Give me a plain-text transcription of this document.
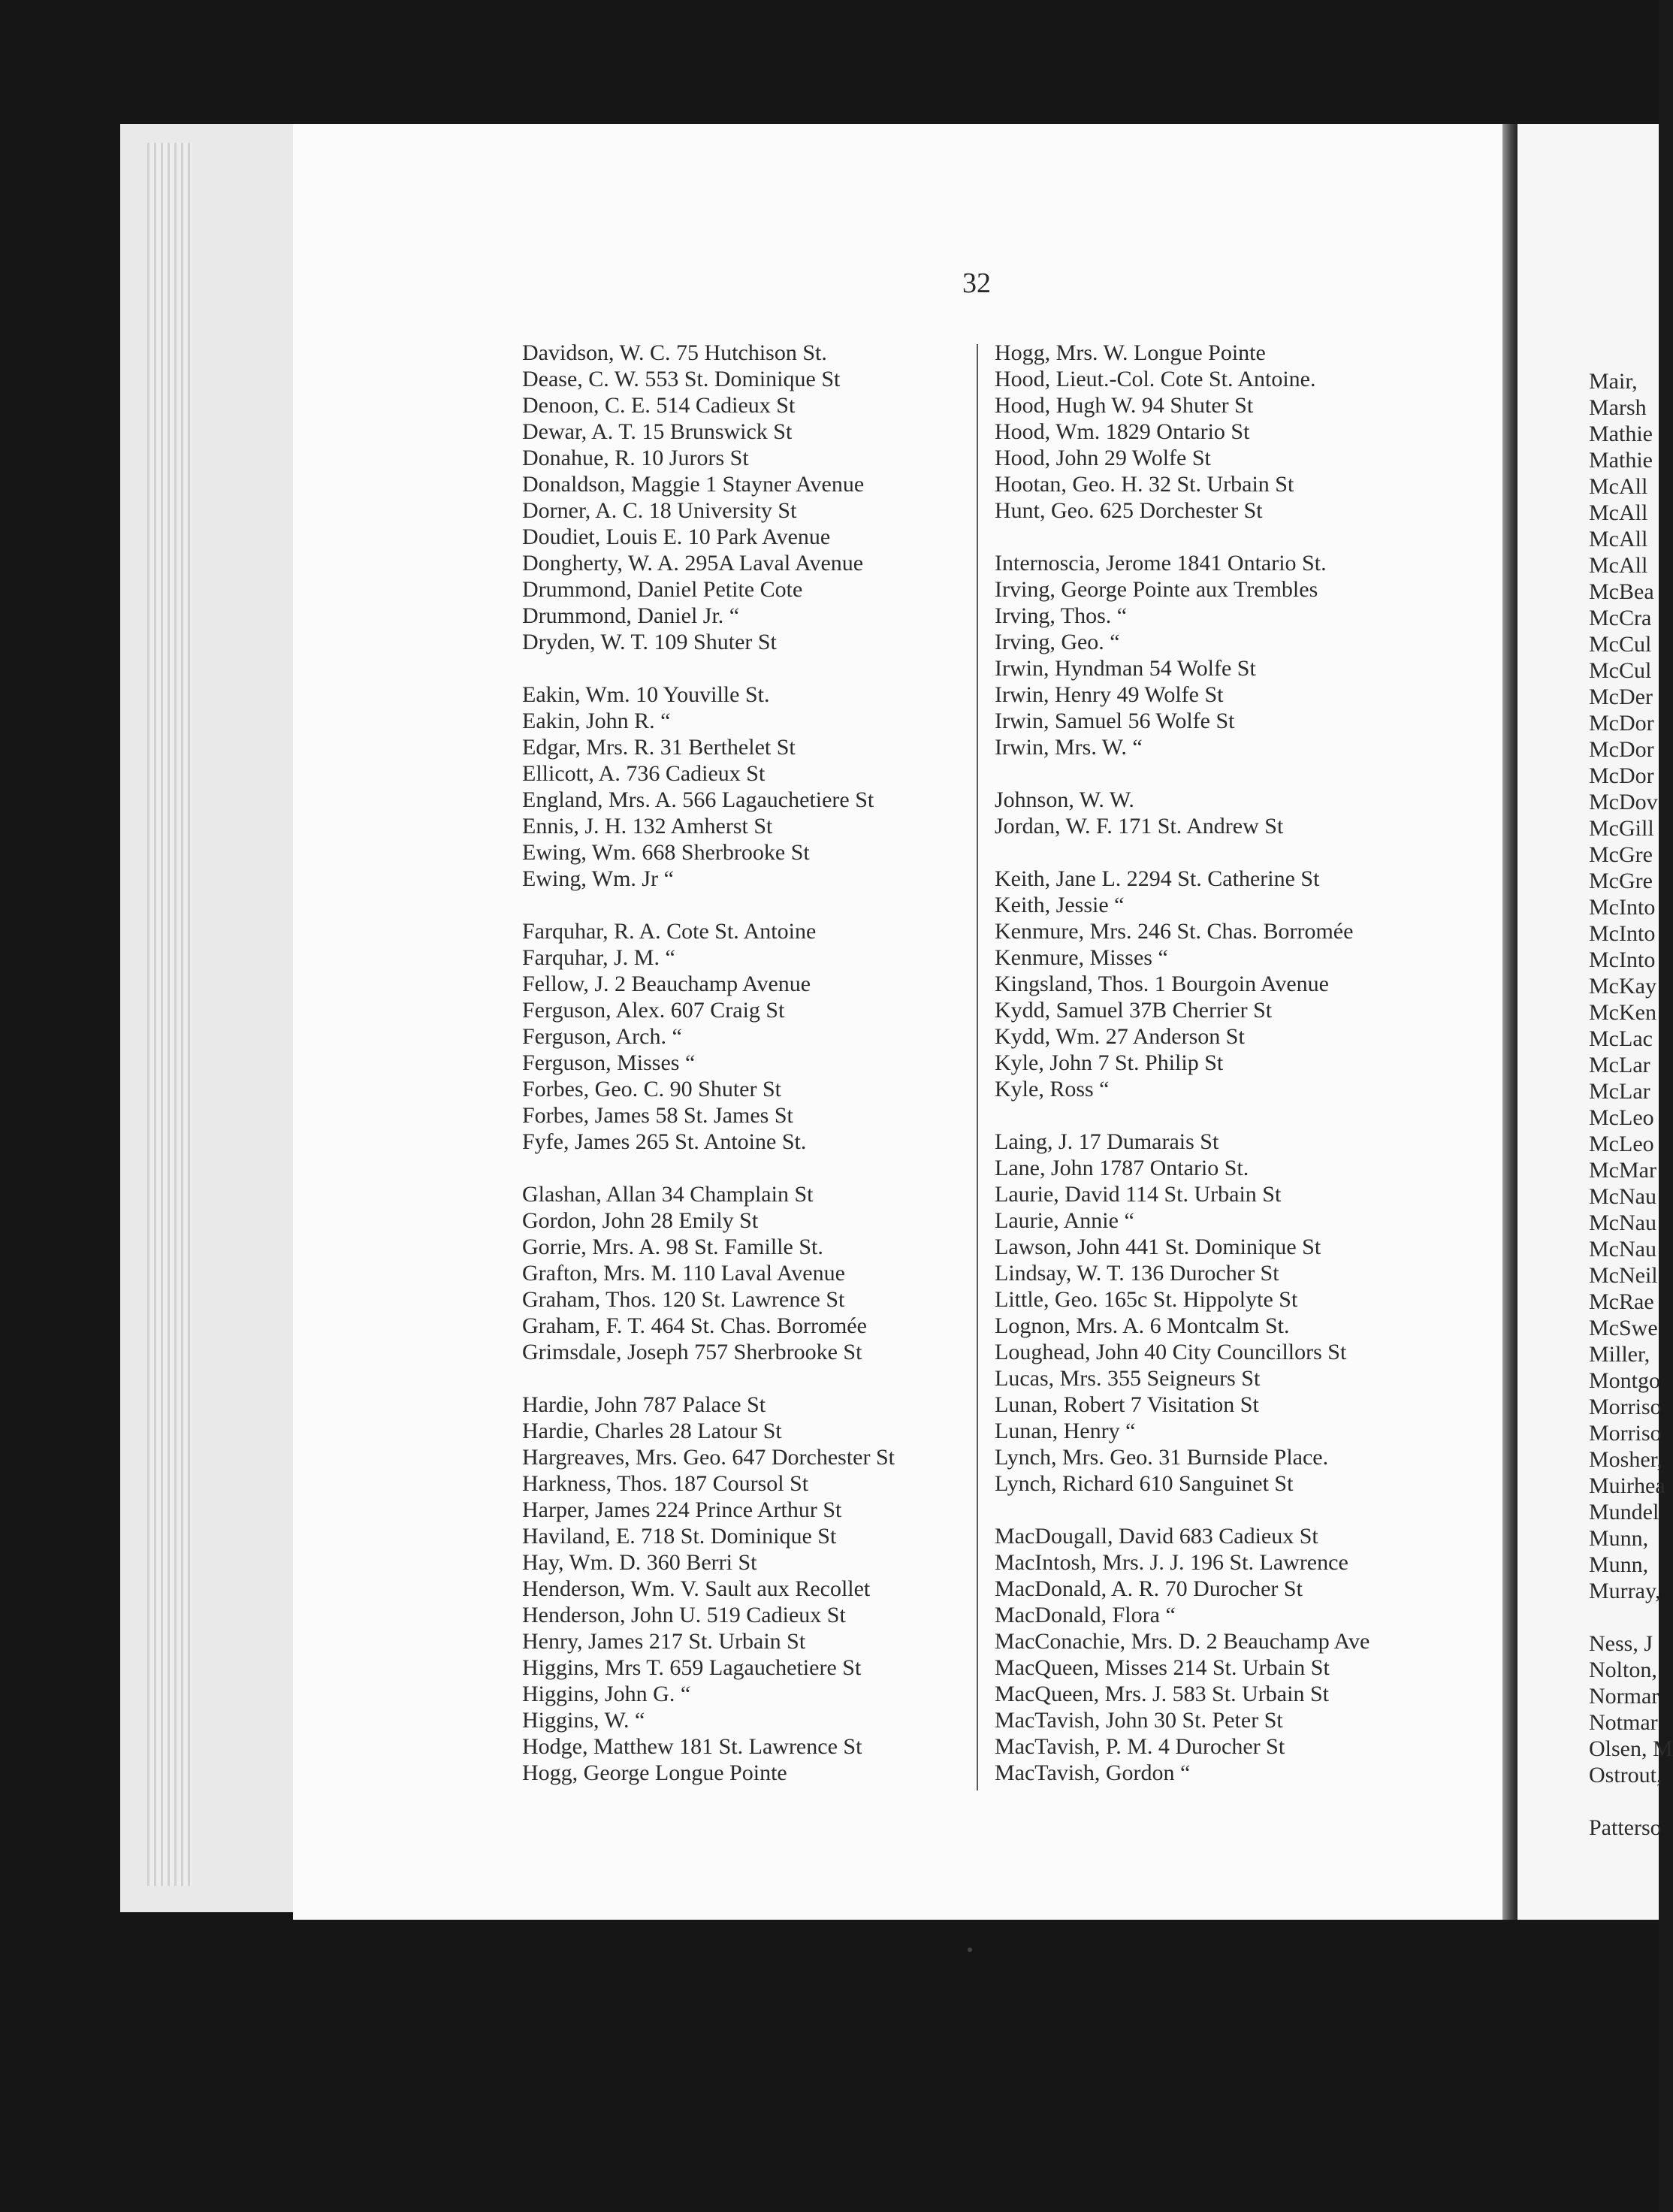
32
Davidson, W. C. 75 Hutchison St.
Dease, C. W. 553 St. Dominique St
Denoon, C. E. 514 Cadieux St
Dewar, A. T. 15 Brunswick St
Donahue, R. 10 Jurors St
Donaldson, Maggie 1 Stayner Avenue
Dorner, A. C. 18 University St
Doudiet, Louis E. 10 Park Avenue
Dongherty, W. A. 295A Laval Avenue
Drummond, Daniel Petite Cote
Drummond, Daniel Jr. “
Dryden, W. T. 109 Shuter St
Eakin, Wm. 10 Youville St.
Eakin, John R. “
Edgar, Mrs. R. 31 Berthelet St
Ellicott, A. 736 Cadieux St
England, Mrs. A. 566 Lagauchetiere St
Ennis, J. H. 132 Amherst St
Ewing, Wm. 668 Sherbrooke St
Ewing, Wm. Jr “
Farquhar, R. A. Cote St. Antoine
Farquhar, J. M. “
Fellow, J. 2 Beauchamp Avenue
Ferguson, Alex. 607 Craig St
Ferguson, Arch. “
Ferguson, Misses “
Forbes, Geo. C. 90 Shuter St
Forbes, James 58 St. James St
Fyfe, James 265 St. Antoine St.
Glashan, Allan 34 Champlain St
Gordon, John 28 Emily St
Gorrie, Mrs. A. 98 St. Famille St.
Grafton, Mrs. M. 110 Laval Avenue
Graham, Thos. 120 St. Lawrence St
Graham, F. T. 464 St. Chas. Borromée
Grimsdale, Joseph 757 Sherbrooke St
Hardie, John 787 Palace St
Hardie, Charles 28 Latour St
Hargreaves, Mrs. Geo. 647 Dorchester St
Harkness, Thos. 187 Coursol St
Harper, James 224 Prince Arthur St
Haviland, E. 718 St. Dominique St
Hay, Wm. D. 360 Berri St
Henderson, Wm. V. Sault aux Recollet
Henderson, John U. 519 Cadieux St
Henry, James 217 St. Urbain St
Higgins, Mrs T. 659 Lagauchetiere St
Higgins, John G. “
Higgins, W. “
Hodge, Matthew 181 St. Lawrence St
Hogg, George Longue Pointe
Hogg, Mrs. W. Longue Pointe
Hood, Lieut.-Col. Cote St. Antoine.
Hood, Hugh W. 94 Shuter St
Hood, Wm. 1829 Ontario St
Hood, John 29 Wolfe St
Hootan, Geo. H. 32 St. Urbain St
Hunt, Geo. 625 Dorchester St
Internoscia, Jerome 1841 Ontario St.
Irving, George Pointe aux Trembles
Irving, Thos. “
Irving, Geo. “
Irwin, Hyndman 54 Wolfe St
Irwin, Henry 49 Wolfe St
Irwin, Samuel 56 Wolfe St
Irwin, Mrs. W. “
Johnson, W. W.
Jordan, W. F. 171 St. Andrew St
Keith, Jane L. 2294 St. Catherine St
Keith, Jessie “
Kenmure, Mrs. 246 St. Chas. Borromée
Kenmure, Misses “
Kingsland, Thos. 1 Bourgoin Avenue
Kydd, Samuel 37B Cherrier St
Kydd, Wm. 27 Anderson St
Kyle, John 7 St. Philip St
Kyle, Ross “
Laing, J. 17 Dumarais St
Lane, John 1787 Ontario St.
Laurie, David 114 St. Urbain St
Laurie, Annie “
Lawson, John 441 St. Dominique St
Lindsay, W. T. 136 Durocher St
Little, Geo. 165c St. Hippolyte St
Lognon, Mrs. A. 6 Montcalm St.
Loughead, John 40 City Councillors St
Lucas, Mrs. 355 Seigneurs St
Lunan, Robert 7 Visitation St
Lunan, Henry “
Lynch, Mrs. Geo. 31 Burnside Place.
Lynch, Richard 610 Sanguinet St
MacDougall, David 683 Cadieux St
MacIntosh, Mrs. J. J. 196 St. Lawrence
MacDonald, A. R. 70 Durocher St
MacDonald, Flora “
MacConachie, Mrs. D. 2 Beauchamp Ave
MacQueen, Misses 214 St. Urbain St
MacQueen, Mrs. J. 583 St. Urbain St
MacTavish, John 30 St. Peter St
MacTavish, P. M. 4 Durocher St
MacTavish, Gordon “
Mair,
Marsh
Mathie
Mathie
McAll
McAll
McAll
McAll
McBea
McCra
McCul
McCul
McDer
McDor
McDor
McDor
McDov
McGill
McGre
McGre
McInto
McInto
McInto
McKay
McKen
McLac
McLar
McLar
McLeo
McLeo
McMar
McNau
McNau
McNau
McNeil
McRae
McSwe
Miller,
Montgo
Morriso
Morriso
Mosher,
Muirhea
Mundel
Munn,
Munn,
Murray,
Ness, J
Nolton,
Normar
Notmar
Olsen, M
Ostrout,
Patterso
